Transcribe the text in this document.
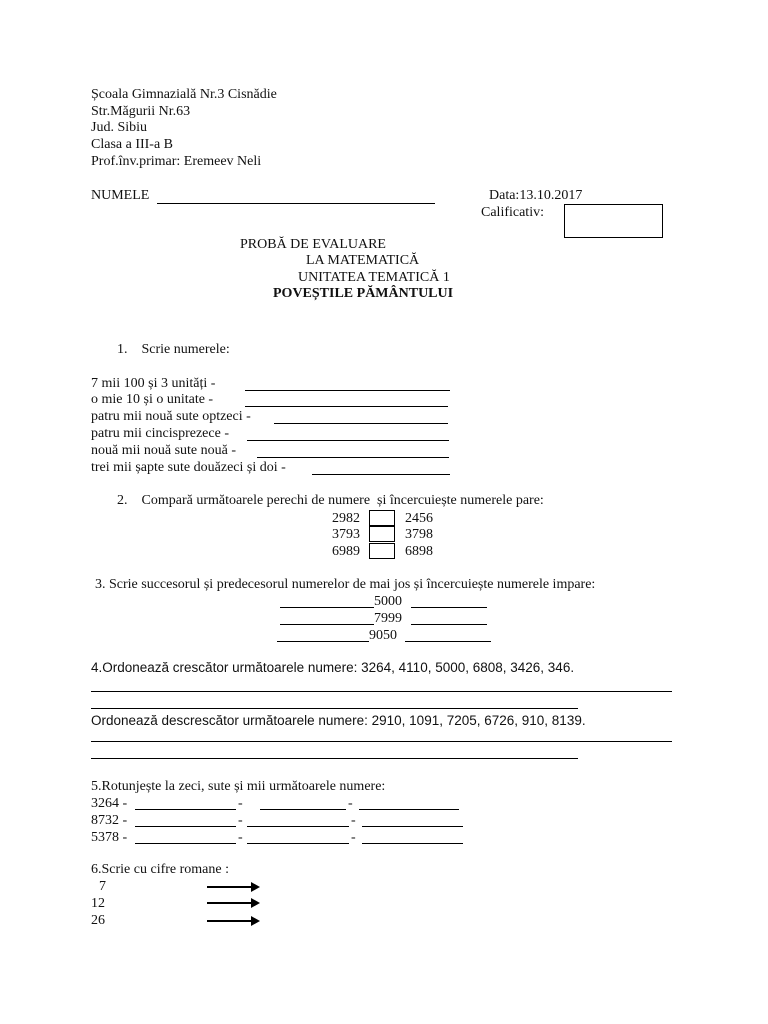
Școala Gimnazială Nr.3 Cisnădie
Str.Măgurii Nr.63
Jud. Sibiu
Clasa a III-a B
Prof.înv.primar: Eremeev Neli
NUMELE	Data:13.10.2017
Calificativ:
PROBĂ DE EVALUARE
LA MATEMATICĂ
UNITATEA TEMATICĂ 1
POVEȘTILE PĂMÂNTULUI
1.    Scrie numerele:
7 mii 100 și 3 unități -
o mie 10 și o unitate -
patru mii nouă sute optzeci -
patru mii cincisprezece -
nouă mii nouă sute nouă -
trei mii șapte sute douăzeci și doi -
2.    Compară următoarele perechi de numere  și încercuiește numerele pare:
2982	2456
3793	3798
6989	6898
3. Scrie succesorul și predecesorul numerelor de mai jos și încercuiește numerele impare:
5000
7999
9050
4.Ordonează crescător următoarele numere: 3264, 4110, 5000, 6808, 3426, 346.
Ordonează descrescător următoarele numere: 2910, 1091, 7205, 6726, 910, 8139.
5.Rotunjește la zeci, sute și mii următoarele numere:
3264 -	-	-
8732 -	-	-
5378 -	-	-
6.Scrie cu cifre romane :
7
12
26
